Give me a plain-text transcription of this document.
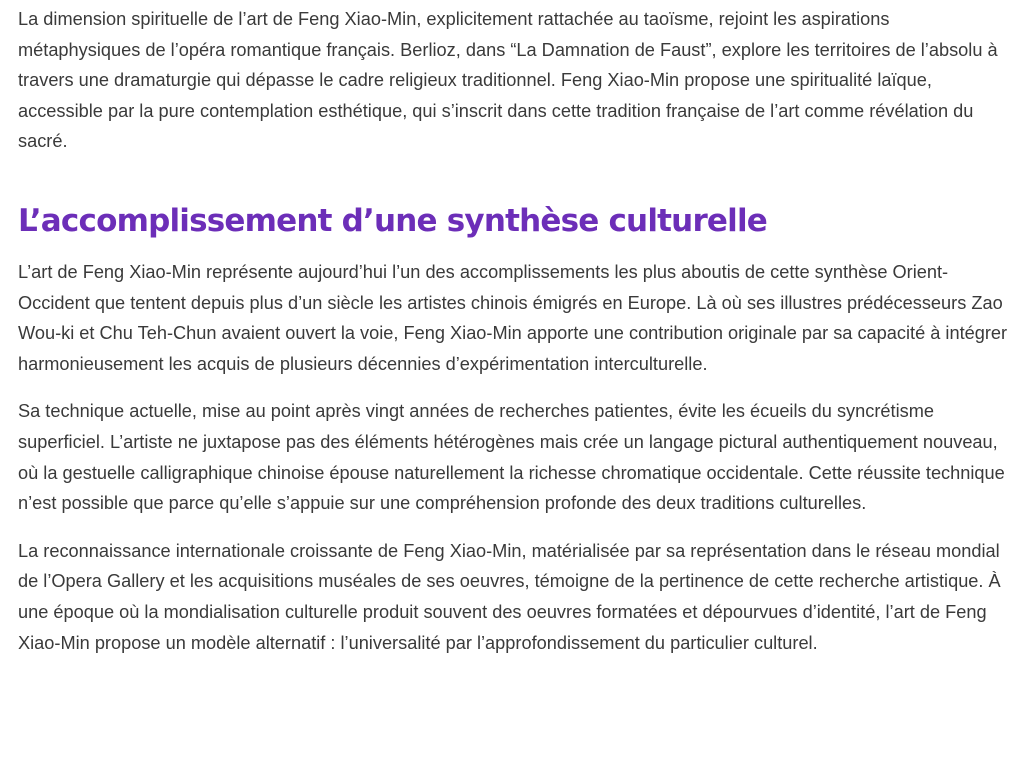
La dimension spirituelle de l’art de Feng Xiao-Min, explicitement rattachée au taoïsme, rejoint les aspirations métaphysiques de l’opéra romantique français. Berlioz, dans “La Damnation de Faust”, explore les territoires de l’absolu à travers une dramaturgie qui dépasse le cadre religieux traditionnel. Feng Xiao-Min propose une spiritualité laïque, accessible par la pure contemplation esthétique, qui s’inscrit dans cette tradition française de l’art comme révélation du sacré.

L’accomplissement d’une synthèse culturelle

L’art de Feng Xiao-Min représente aujourd’hui l’un des accomplissements les plus aboutis de cette synthèse Orient-Occident que tentent depuis plus d’un siècle les artistes chinois émigrés en Europe. Là où ses illustres prédécesseurs Zao Wou-ki et Chu Teh-Chun avaient ouvert la voie, Feng Xiao-Min apporte une contribution originale par sa capacité à intégrer harmonieusement les acquis de plusieurs décennies d’expérimentation interculturelle.

Sa technique actuelle, mise au point après vingt années de recherches patientes, évite les écueils du syncrétisme superficiel. L’artiste ne juxtapose pas des éléments hétérogènes mais crée un langage pictural authentiquement nouveau, où la gestuelle calligraphique chinoise épouse naturellement la richesse chromatique occidentale. Cette réussite technique n’est possible que parce qu’elle s’appuie sur une compréhension profonde des deux traditions culturelles.

La reconnaissance internationale croissante de Feng Xiao-Min, matérialisée par sa représentation dans le réseau mondial de l’Opera Gallery et les acquisitions muséales de ses oeuvres, témoigne de la pertinence de cette recherche artistique. À une époque où la mondialisation culturelle produit souvent des oeuvres formatées et dépourvues d’identité, l’art de Feng Xiao-Min propose un modèle alternatif : l’universalité par l’approfondissement du particulier culturel.
